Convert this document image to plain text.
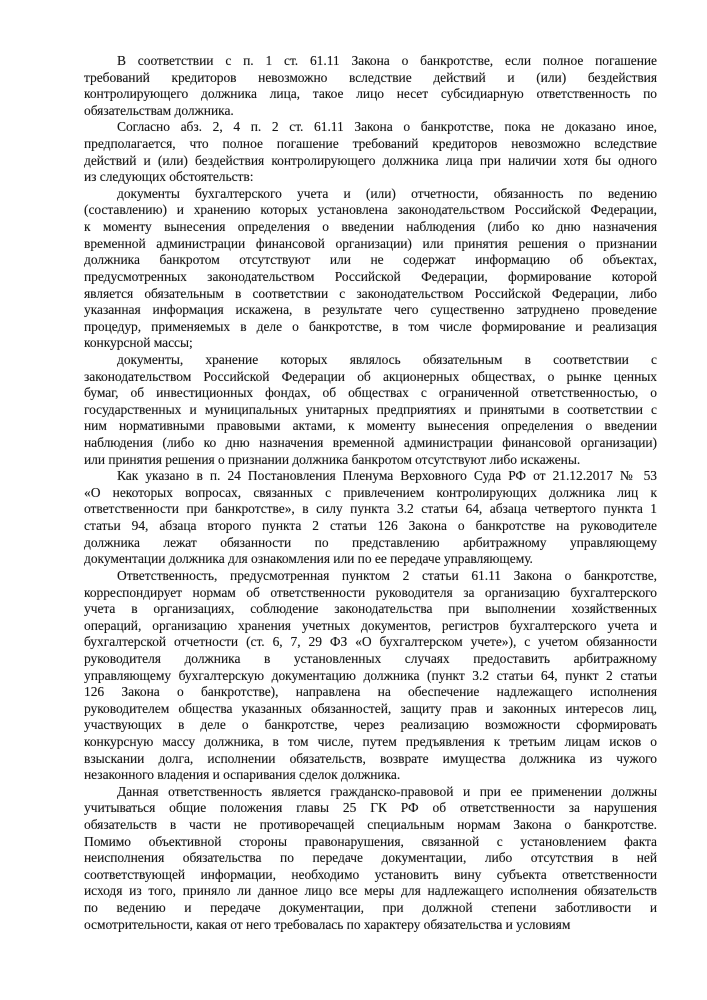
В соответствии с п. 1 ст. 61.11 Закона о банкротстве, если полное погашение
требований кредиторов невозможно вследствие действий и (или) бездействия
контролирующего должника лица, такое лицо несет субсидиарную ответственность по
обязательствам должника.
Согласно абз. 2, 4 п. 2 ст. 61.11 Закона о банкротстве, пока не доказано иное,
предполагается, что полное погашение требований кредиторов невозможно вследствие
действий и (или) бездействия контролирующего должника лица при наличии хотя бы одного
из следующих обстоятельств:
документы бухгалтерского учета и (или) отчетности, обязанность по ведению
(составлению) и хранению которых установлена законодательством Российской Федерации,
к моменту вынесения определения о введении наблюдения (либо ко дню назначения
временной администрации финансовой организации) или принятия решения о признании
должника банкротом отсутствуют или не содержат информацию об объектах,
предусмотренных законодательством Российской Федерации, формирование которой
является обязательным в соответствии с законодательством Российской Федерации, либо
указанная информация искажена, в результате чего существенно затруднено проведение
процедур, применяемых в деле о банкротстве, в том числе формирование и реализация
конкурсной массы;
документы, хранение которых являлось обязательным в соответствии с
законодательством Российской Федерации об акционерных обществах, о рынке ценных
бумаг, об инвестиционных фондах, об обществах с ограниченной ответственностью, о
государственных и муниципальных унитарных предприятиях и принятыми в соответствии с
ним нормативными правовыми актами, к моменту вынесения определения о введении
наблюдения (либо ко дню назначения временной администрации финансовой организации)
или принятия решения о признании должника банкротом отсутствуют либо искажены.
Как указано в п. 24 Постановления Пленума Верховного Суда РФ от 21.12.2017 № 53
«О некоторых вопросах, связанных с привлечением контролирующих должника лиц к
ответственности при банкротстве», в силу пункта 3.2 статьи 64, абзаца четвертого пункта 1
статьи 94, абзаца второго пункта 2 статьи 126 Закона о банкротстве на руководителе
должника лежат обязанности по представлению арбитражному управляющему
документации должника для ознакомления или по ее передаче управляющему.
Ответственность, предусмотренная пунктом 2 статьи 61.11 Закона о банкротстве,
корреспондирует нормам об ответственности руководителя за организацию бухгалтерского
учета в организациях, соблюдение законодательства при выполнении хозяйственных
операций, организацию хранения учетных документов, регистров бухгалтерского учета и
бухгалтерской отчетности (ст. 6, 7, 29 ФЗ «О бухгалтерском учете»), с учетом обязанности
руководителя должника в установленных случаях предоставить арбитражному
управляющему бухгалтерскую документацию должника (пункт 3.2 статьи 64, пункт 2 статьи
126 Закона о банкротстве), направлена на обеспечение надлежащего исполнения
руководителем общества указанных обязанностей, защиту прав и законных интересов лиц,
участвующих в деле о банкротстве, через реализацию возможности сформировать
конкурсную массу должника, в том числе, путем предъявления к третьим лицам исков о
взыскании долга, исполнении обязательств, возврате имущества должника из чужого
незаконного владения и оспаривания сделок должника.
Данная ответственность является гражданско-правовой и при ее применении должны
учитываться общие положения главы 25 ГК РФ об ответственности за нарушения
обязательств в части не противоречащей специальным нормам Закона о банкротстве.
Помимо объективной стороны правонарушения, связанной с установлением факта
неисполнения обязательства по передаче документации, либо отсутствия в ней
соответствующей информации, необходимо установить вину субъекта ответственности
исходя из того, приняло ли данное лицо все меры для надлежащего исполнения обязательств
по ведению и передаче документации, при должной степени заботливости и
осмотрительности, какая от него требовалась по характеру обязательства и условиям
